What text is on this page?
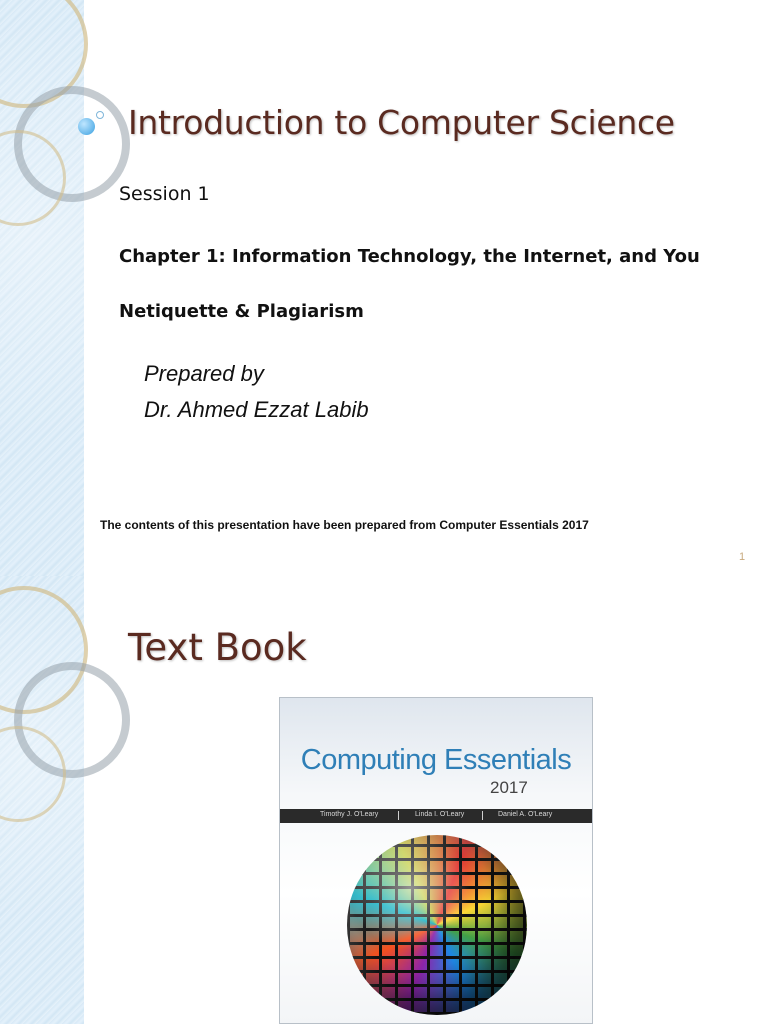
Introduction to Computer Science
Session 1
Chapter 1: Information Technology, the Internet, and You
Netiquette & Plagiarism
Prepared by
Dr. Ahmed Ezzat Labib
The contents of this presentation have been prepared from Computer Essentials 2017
1
Text Book
Computing Essentials
2017
Timothy J. O'Leary	Linda I. O'Leary	Daniel A. O'Leary
